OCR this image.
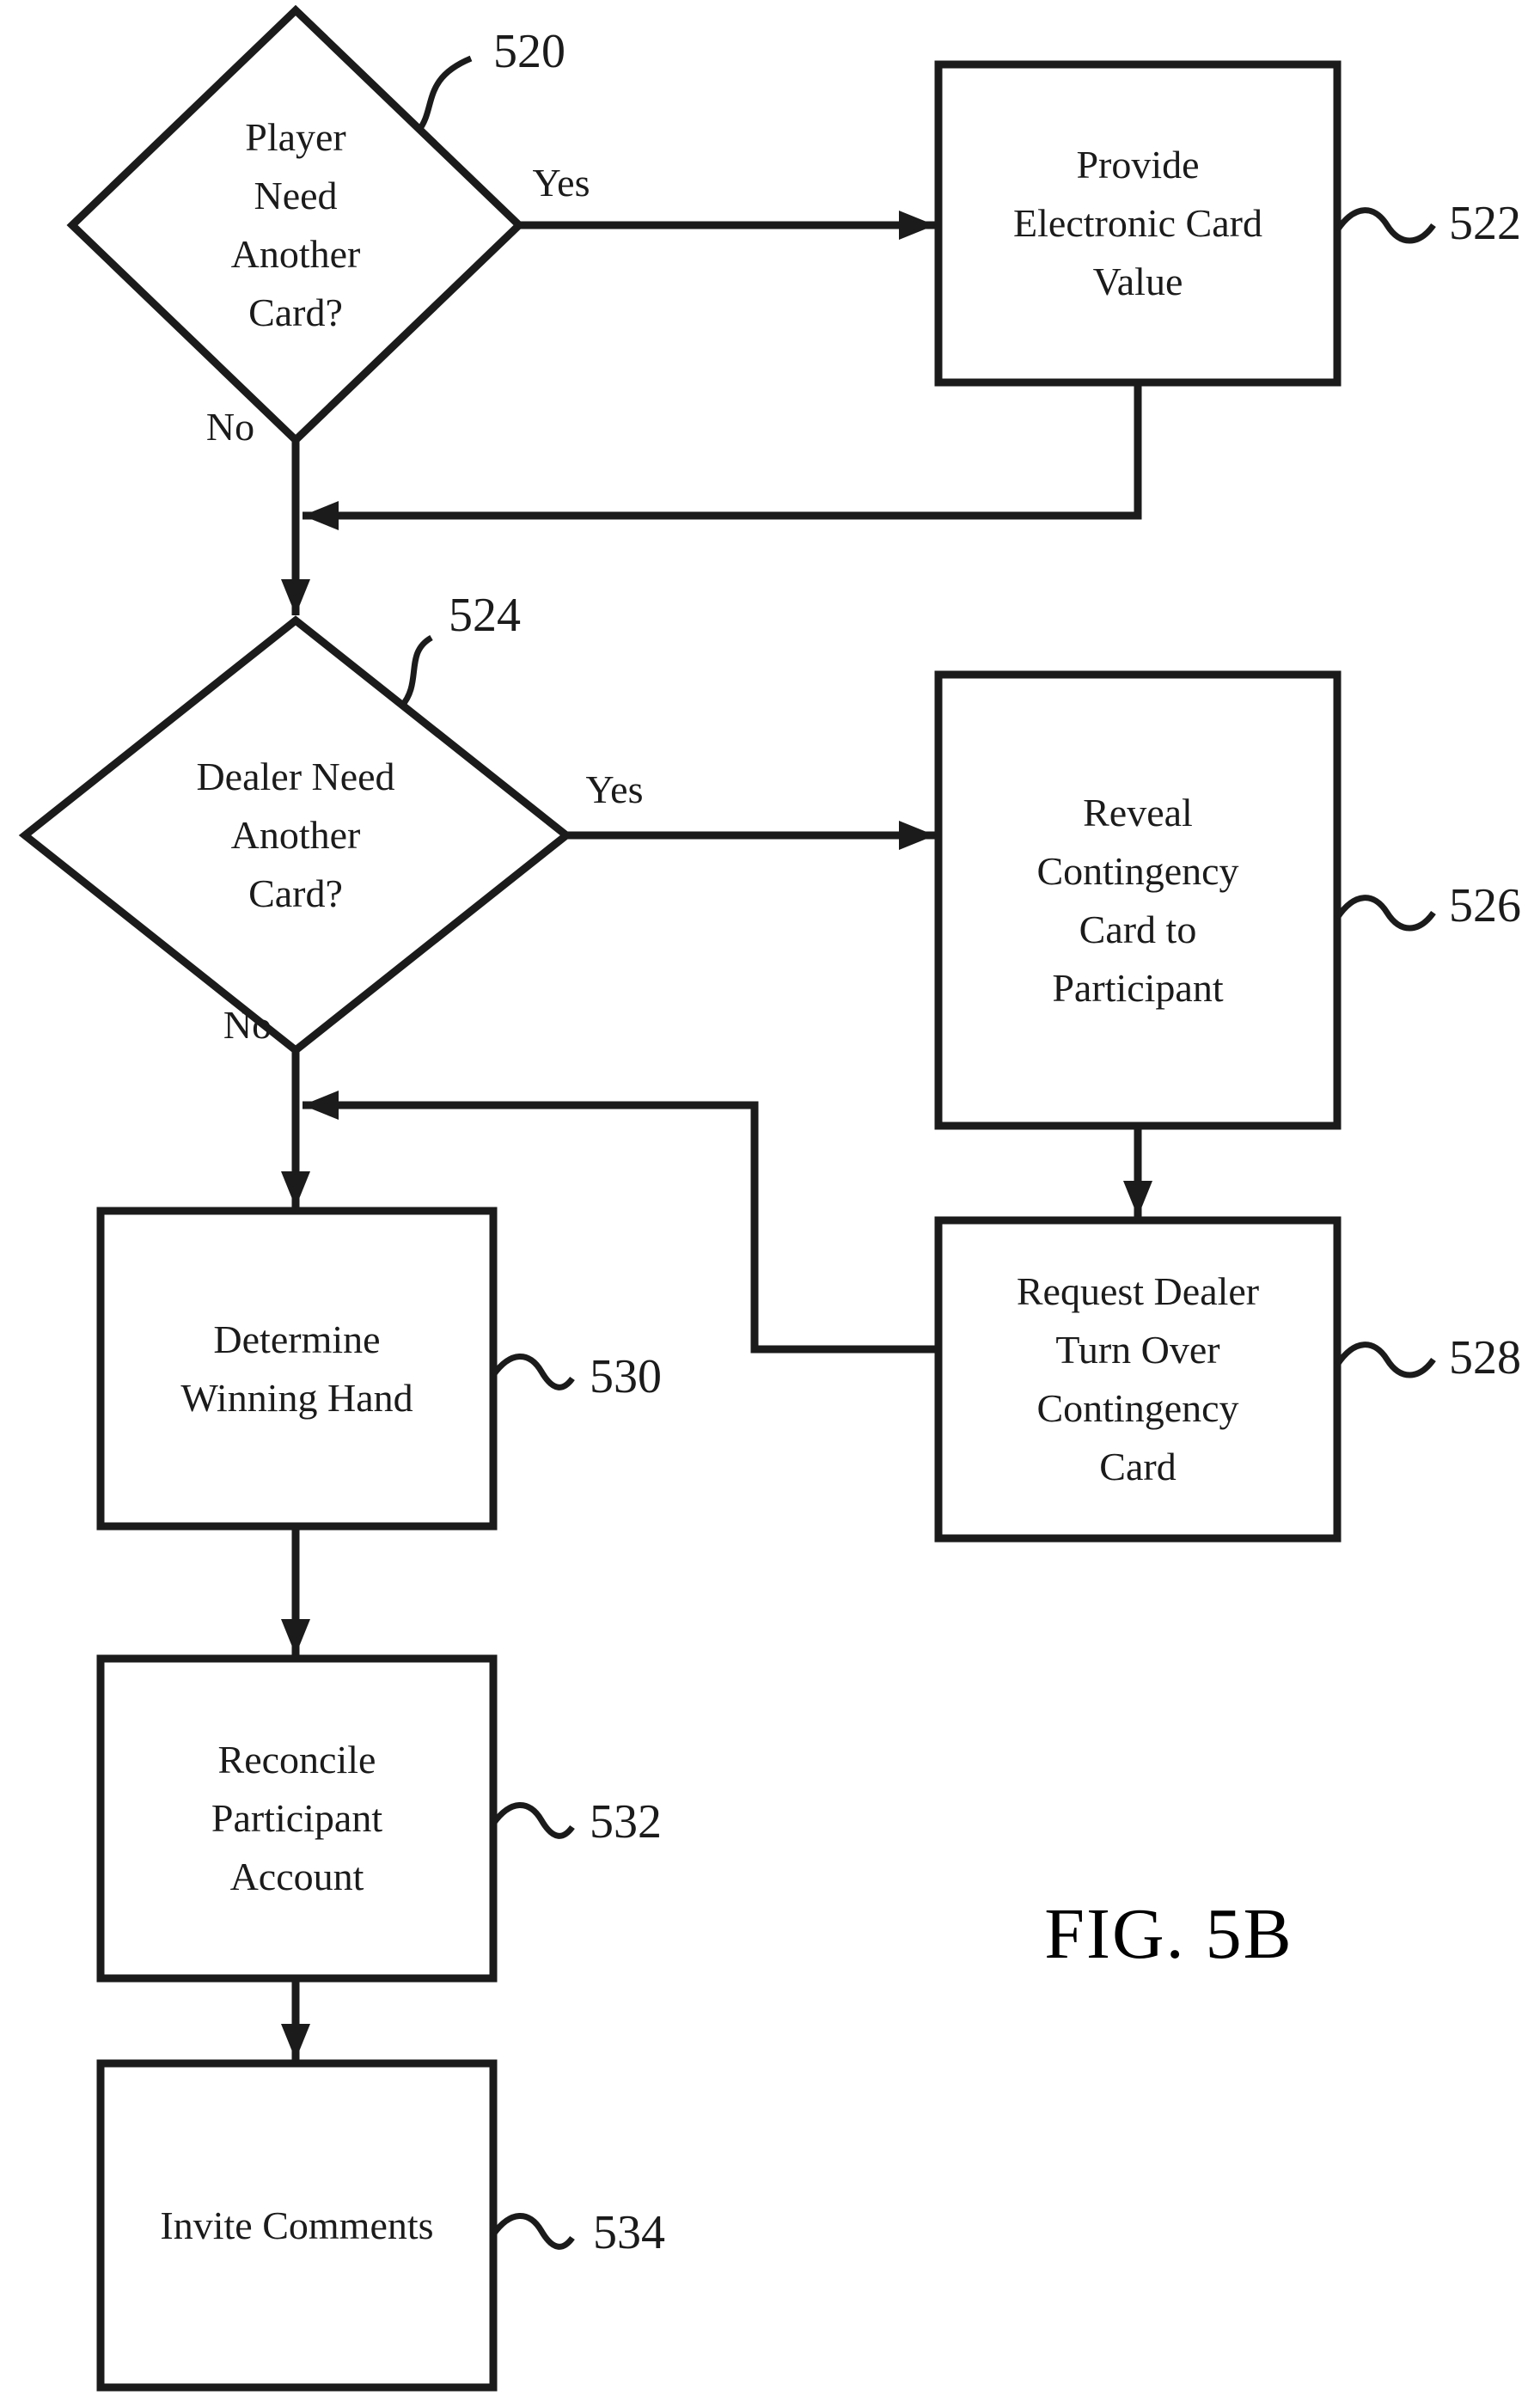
Player
Need
Another
Card?
Provide
Electronic Card
Value
Dealer Need
Another
Card?
Reveal
Contingency
Card to
Participant
Request Dealer
Turn Over
Contingency
Card
Determine
Winning Hand
Reconcile
Participant
Account
Invite Comments
Yes
No
Yes
No
520
522
524
526
528
530
532
534
FIG. 5B
